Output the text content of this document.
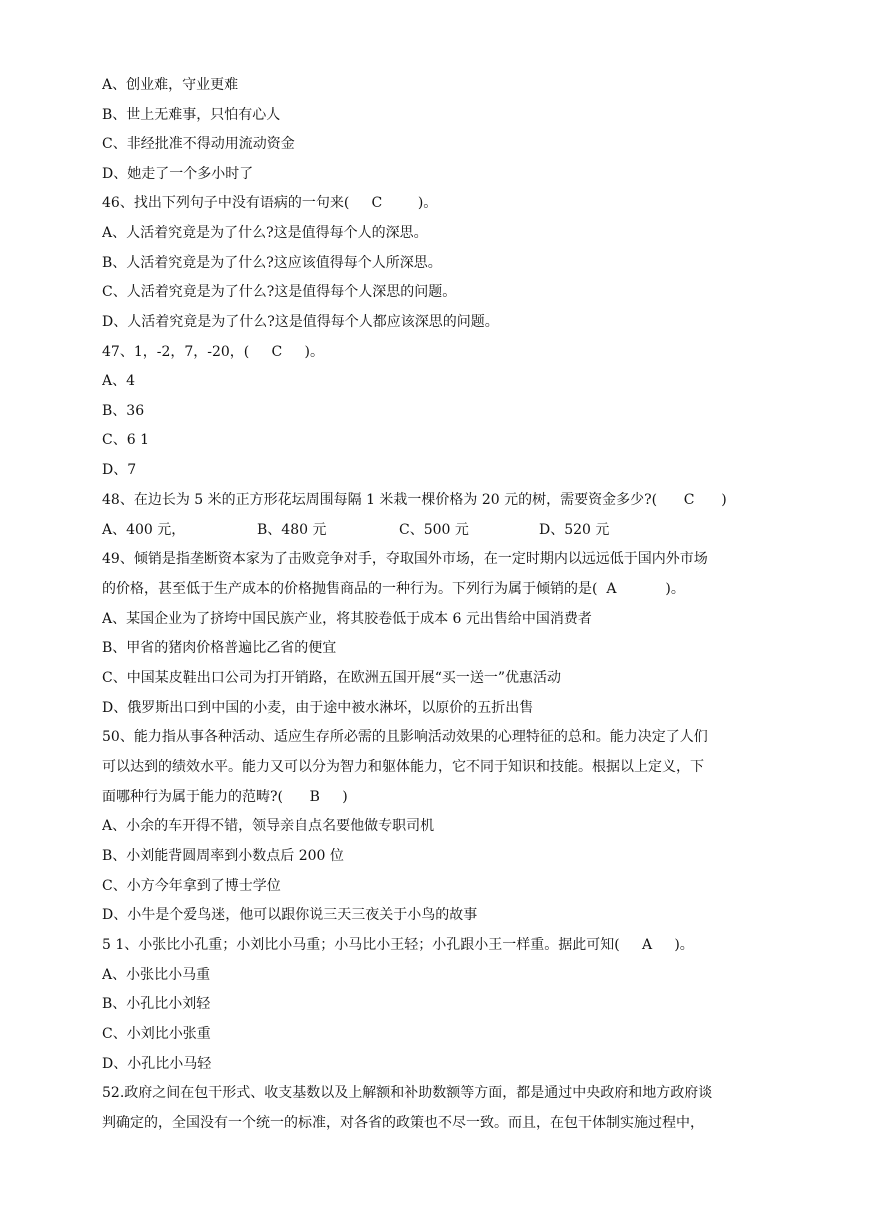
A、创业难，守业更难
B、世上无难事，只怕有心人
C、非经批准不得动用流动资金
D、她走了一个多小时了
46、找出下列句子中没有语病的一句来(     C        )。
A、人活着究竟是为了什么?这是值得每个人的深思。
B、人活着究竟是为了什么?这应该值得每个人所深思。
C、人活着究竟是为了什么?这是值得每个人深思的问题。
D、人活着究竟是为了什么?这是值得每个人都应该深思的问题。
47、1，-2，7，-20，(     C     )。
A、4
B、36
C、6 1
D、7
48、在边长为 5 米的正方形花坛周围每隔 1 米栽一棵价格为 20 元的树，需要资金多少?(      C      )
A、400 元，	B、480 元	C、500 元	D、520 元
49、倾销是指垄断资本家为了击败竞争对手，夺取国外市场，在一定时期内以远远低于国内外市场
的价格，甚至低于生产成本的价格抛售商品的一种行为。下列行为属于倾销的是(  A           )。
A、某国企业为了挤垮中国民族产业，将其胶卷低于成本 6 元出售给中国消费者
B、甲省的猪肉价格普遍比乙省的便宜
C、中国某皮鞋出口公司为打开销路，在欧洲五国开展“买一送一”优惠活动
D、俄罗斯出口到中国的小麦，由于途中被水淋坏，以原价的五折出售
50、能力指从事各种活动、适应生存所必需的且影响活动效果的心理特征的总和。能力决定了人们
可以达到的绩效水平。能力又可以分为智力和躯体能力，它不同于知识和技能。根据以上定义，下
面哪种行为属于能力的范畴?(      B     )
A、小余的车开得不错，领导亲自点名要他做专职司机
B、小刘能背圆周率到小数点后 200 位
C、小方今年拿到了博士学位
D、小牛是个爱鸟迷，他可以跟你说三天三夜关于小鸟的故事
5 1、小张比小孔重；小刘比小马重；小马比小王轻；小孔跟小王一样重。据此可知(     A     )。
A、小张比小马重
B、小孔比小刘轻
C、小刘比小张重
D、小孔比小马轻
52.政府之间在包干形式、收支基数以及上解额和补助数额等方面，都是通过中央政府和地方政府谈
判确定的，全国没有一个统一的标准，对各省的政策也不尽一致。而且，在包干体制实施过程中，
